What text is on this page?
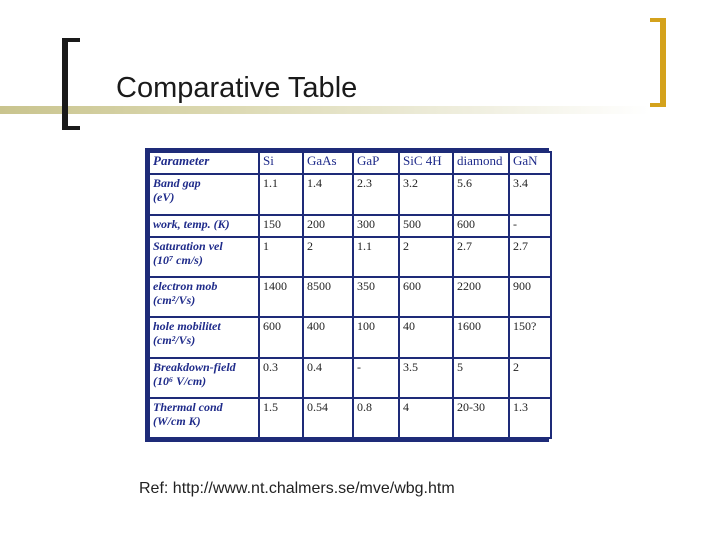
Comparative Table
Parameter	Si	GaAs	GaP	SiC 4H	diamond	GaN

Band gap
(eV)	1.1	1.4	2.3	3.2	5.6	3.4

work, temp. (K)	150	200	300	500	600	-

Saturation vel
(10⁷ cm/s)	1	2	1.1	2	2.7	2.7

electron mob
(cm²/Vs)	1400	8500	350	600	2200	900

hole mobilitet
(cm²/Vs)	600	400	100	40	1600	150?

Breakdown-field
(10⁶ V/cm)	0.3	0.4	-	3.5	5	2

Thermal cond
(W/cm K)	1.5	0.54	0.8	4	20-30	1.3
Ref: http://www.nt.chalmers.se/mve/wbg.htm
